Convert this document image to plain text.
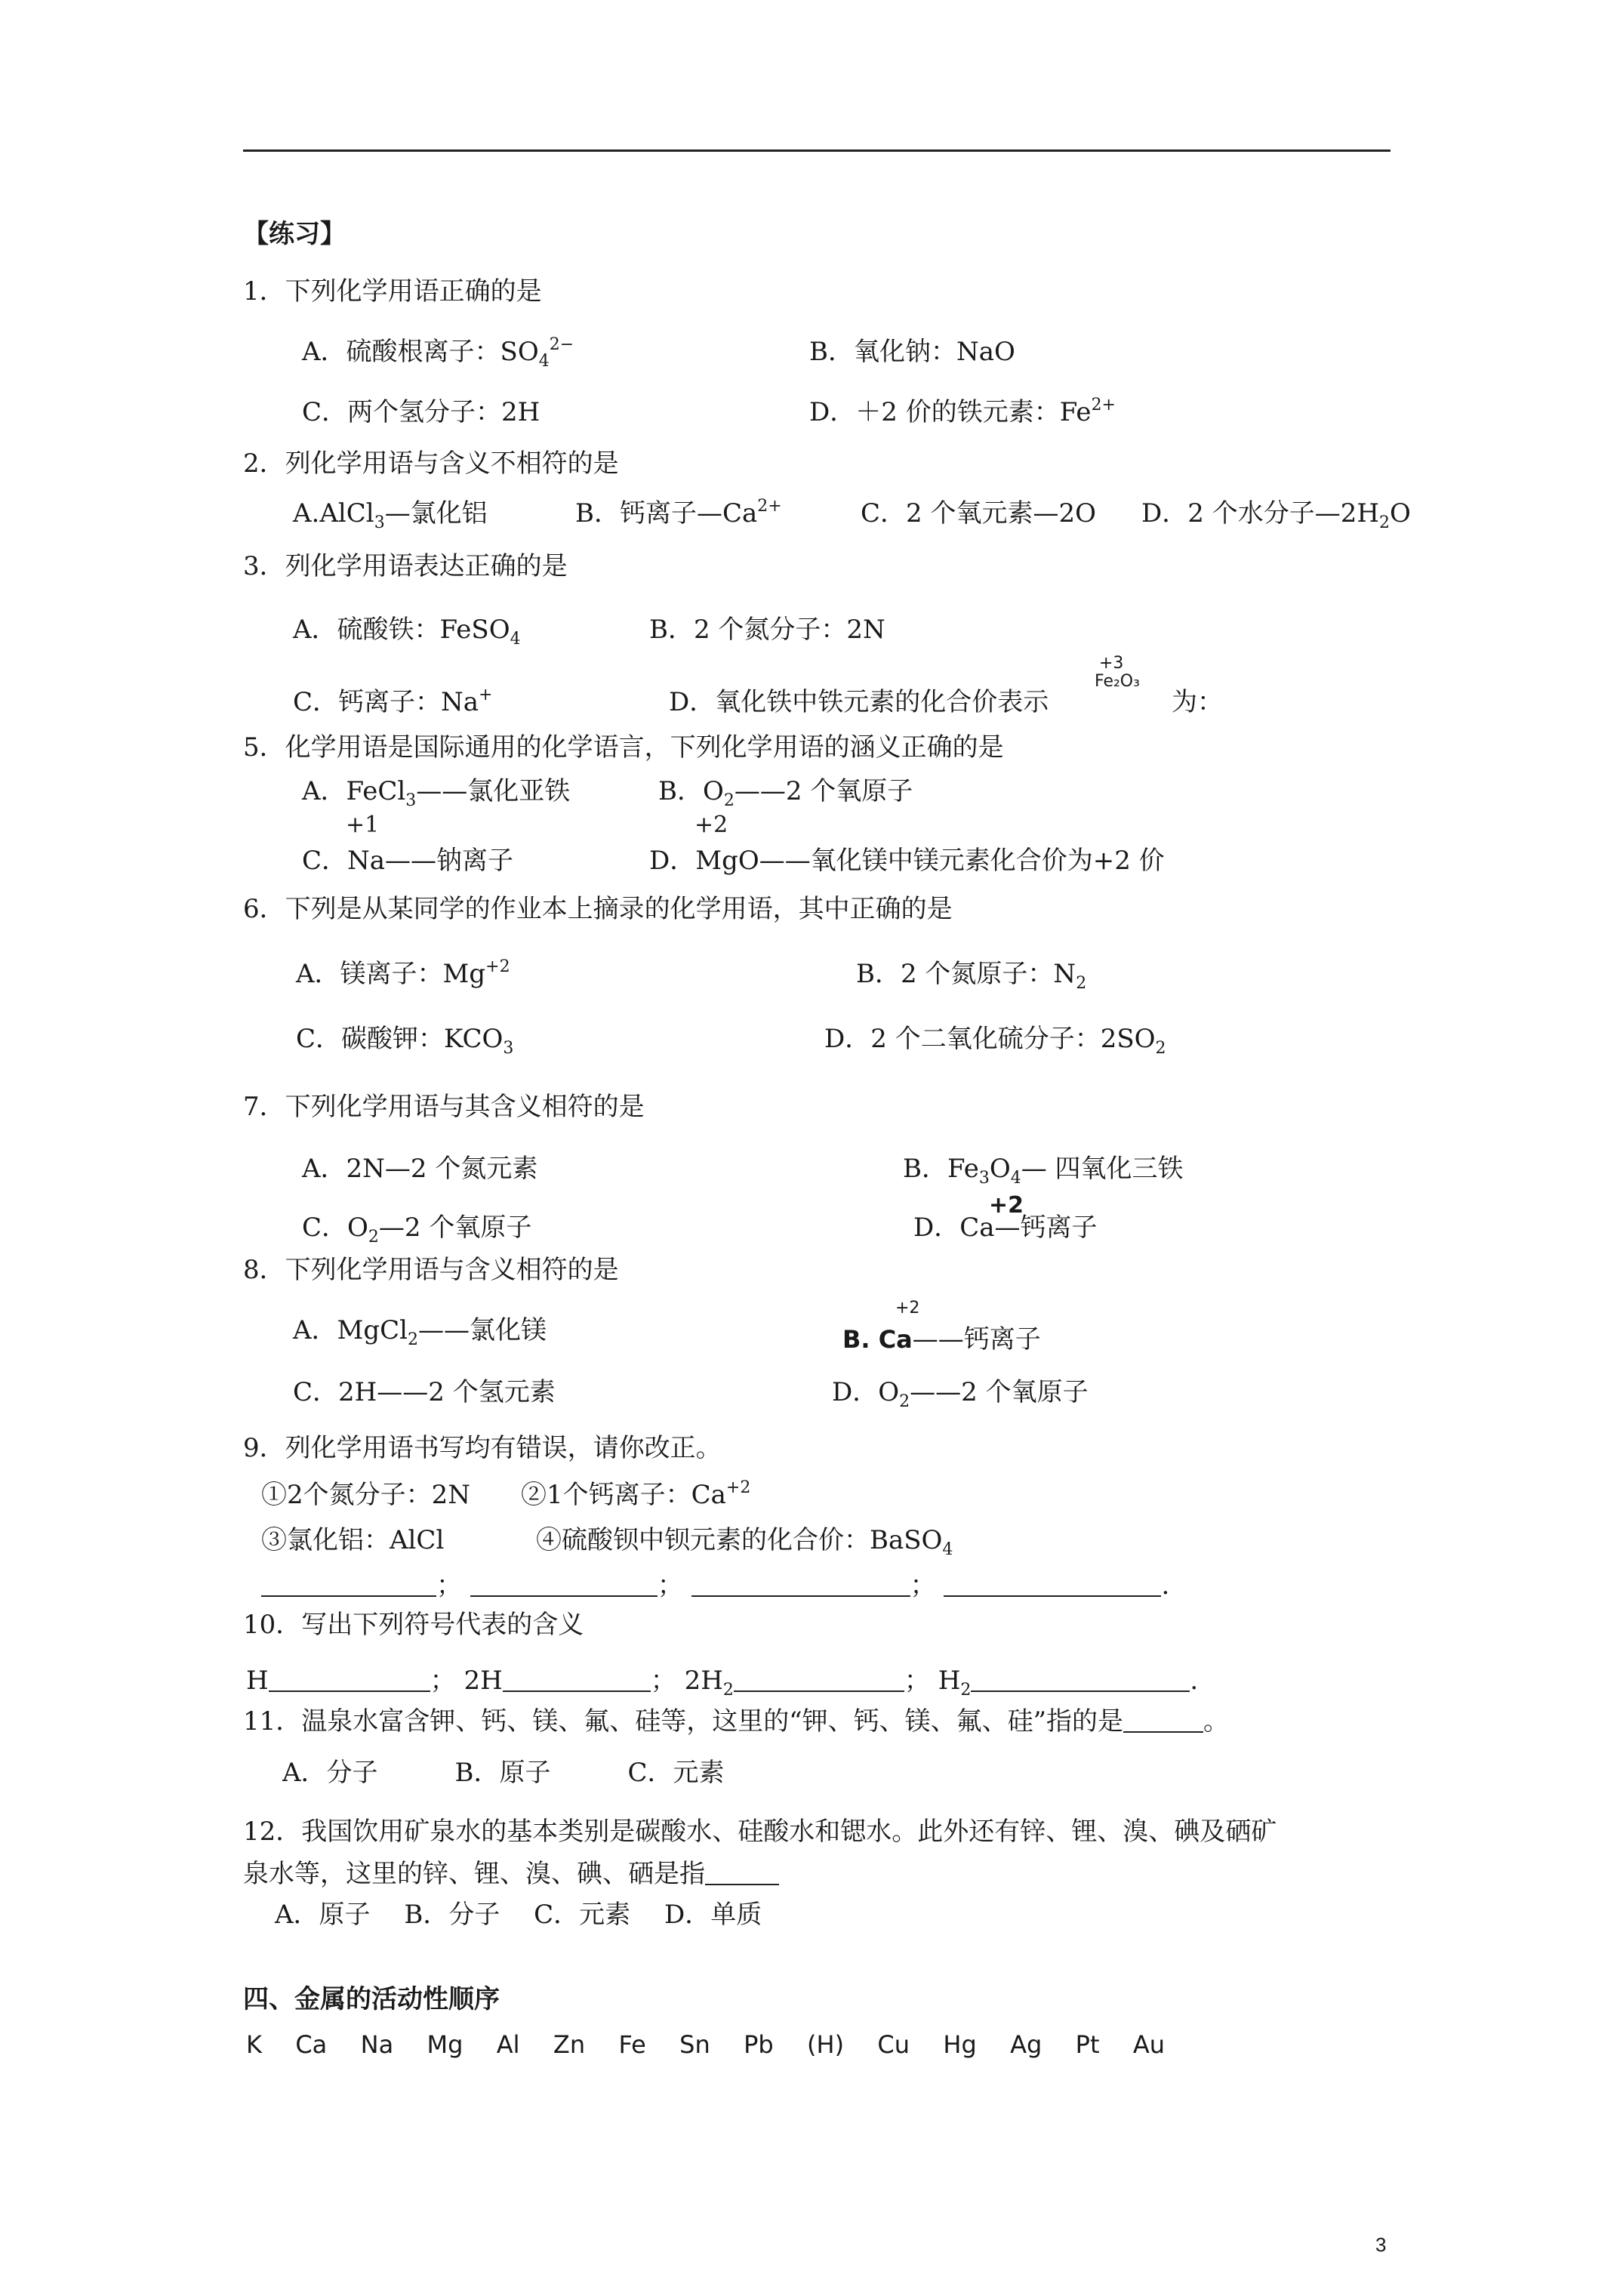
【练习】
1．下列化学用语正确的是
A．硫酸根离子：$SO_4^{2-}$	B．氧化钠：NaO
C．两个氢分子：2H	D．＋2 价的铁元素：$Fe^{2+}$
2．列化学用语与含义不相符的是
A.AlCl$_3$—氯化铝	B．钙离子$—Ca^{2+}$	C．2 个氧元素—2O D．2 个水分子$—2H_2O$
3．列化学用语表达正确的是
A．硫酸铁：FeSO$_4$	B．2 个氮分子：2N
C．钙离子：Na+	D．氧化铁中铁元素的化合价表示
+3
Fe₂O₃
为：
5．化学用语是国际通用的化学语言，下列化学用语的涵义正确的是
A．FeCl$_3$——氯化亚铁	B．$O_2——2$ 个氧原子
+1
C．Na——钠离子
+2
D．MgO——氧化镁中镁元素化合价为+2 价
6．下列是从某同学的作业本上摘录的化学用语，其中正确的是
A．镁离子：$Mg^{+2}$	B．2 个氮原子：$N_2$
C．碳酸钾：$KCO_3$	D．2 个二氧化硫分子：$2SO_2$
7．下列化学用语与其含义相符的是
A．2N—2 个氮元素	B．$Fe_3O_4—$ 四氧化三铁
C．$O_2—2$ 个氧原子
+2
D．Ca—钙离子
8．下列化学用语与含义相符的是
A．MgCl$_2$——氯化镁
+2
B. Ca——钙离子
C．2H——2 个氢元素	D．$O_2——2$ 个氧原子
9．列化学用语书写均有错误，请你改正。
①2个氮分子：2N ②1个钙离子：$Ca^{+2}$
③氯化铝：AlCl	④硫酸钡中钡元素的化合价：BaSO$_4$
；	；	；	.
10．写出下列符号代表的含义
H	； 2H	； $2H_2$	； $H_2$	.
11．温泉水富含钾、钙、镁、氟、硅等，这里的“钾、钙、镁、氟、硅”指的是	。
A．分子　　　B．原子　　　C．元素
12．我国饮用矿泉水的基本类别是碳酸水、硅酸水和锶水。此外还有锌、锂、溴、碘及硒矿
泉水等，这里的锌、锂、溴、碘、硒是指
A．原子　 B．分子　 C．元素　 D．单质
四、金属的活动性顺序
K  Ca  Na  Mg  Al  Zn  Fe  Sn  Pb  (H)  Cu  Hg  Ag  Pt  Au
3
